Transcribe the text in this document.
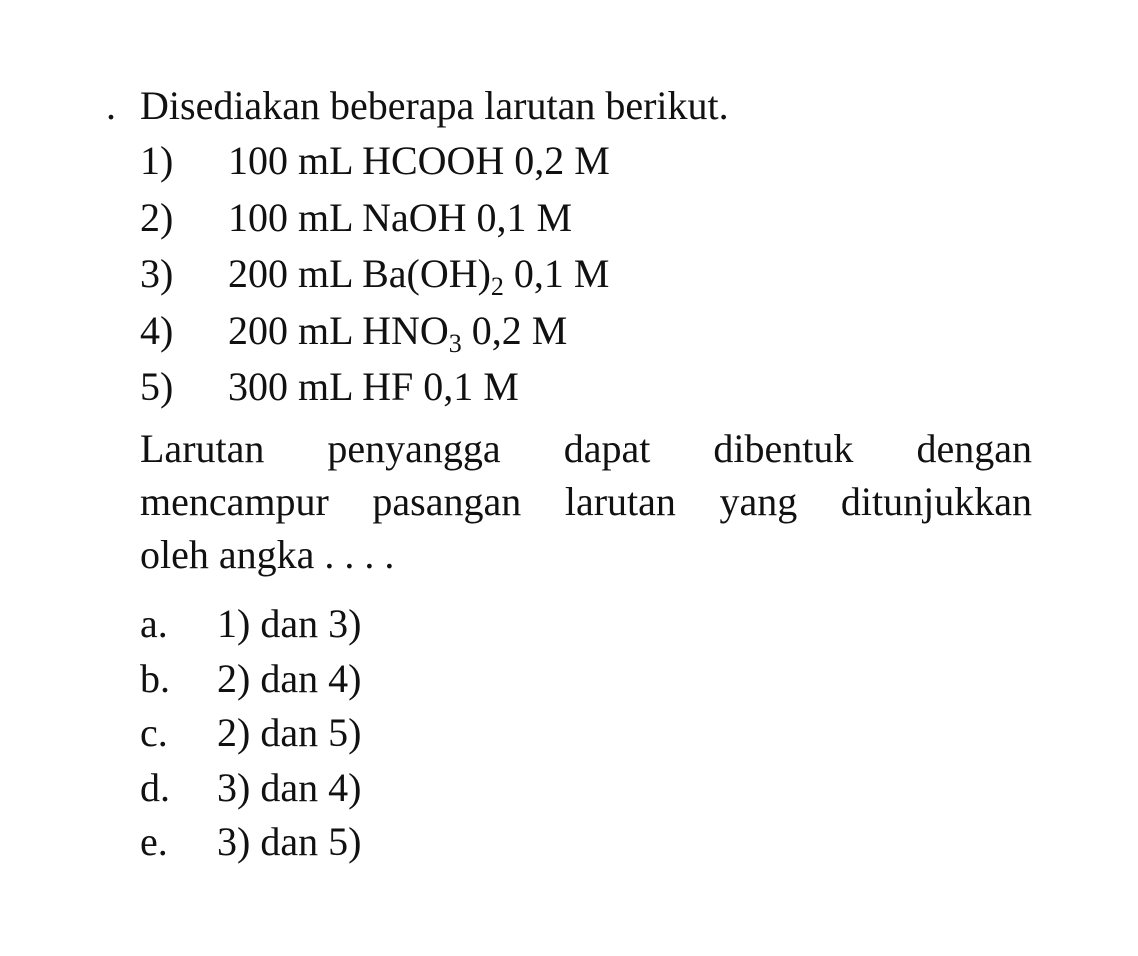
. Disediakan beberapa larutan berikut.
1) 100 mL HCOOH 0,2 M
2) 100 mL NaOH 0,1 M
3) 200 mL $Ba(OH)_2$ 0,1 M
4) 200 mL $HNO_3$ 0,2 M
5) 300 mL HF 0,1 M
Larutan penyangga dapat dibentuk dengan
mencampur pasangan larutan yang ditunjukkan
oleh angka . . . .
a. 1) dan 3)
b. 2) dan 4)
c. 2) dan 5)
d. 3) dan 4)
e. 3) dan 5)
